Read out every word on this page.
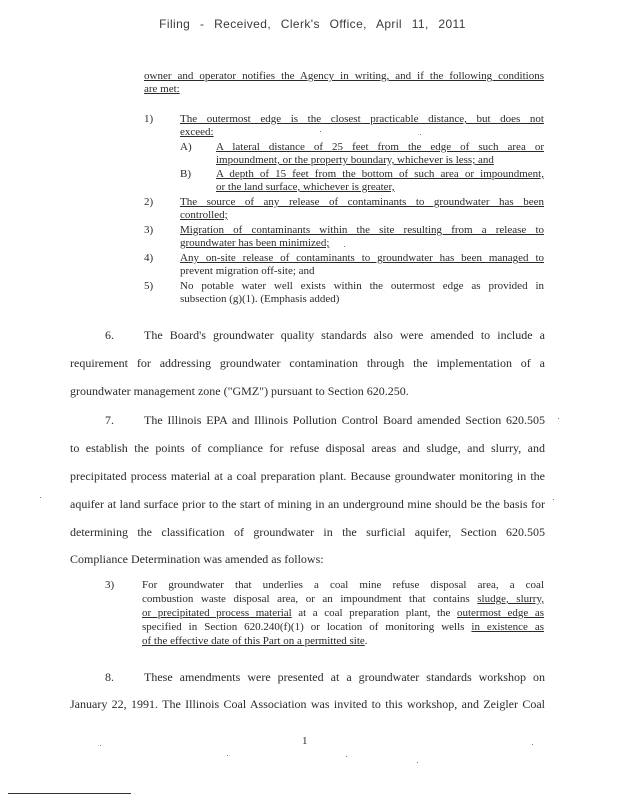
Filing - Received, Clerk's Office, April 11, 2011
owner and operator notifies the Agency in writing, and if the following conditions
are met:
1) The outermost edge is the closest practicable distance, but does not
exceed:
A) A lateral distance of 25 feet from the edge of such area or
impoundment, or the property boundary, whichever is less; and
B) A depth of 15 feet from the bottom of such area or impoundment,
or the land surface, whichever is greater,
2) The source of any release of contaminants to groundwater has been
controlled;
3) Migration of contaminants within the site resulting from a release to
groundwater has been minimized;
4) Any on-site release of contaminants to groundwater has been managed to
prevent migration off-site; and
5) No potable water well exists within the outermost edge as provided in
subsection (g)(1). (Emphasis added)
6.	The Board's groundwater quality standards also were amended to include a
requirement for addressing groundwater contamination through the implementation of a
groundwater management zone ("GMZ") pursuant to Section 620.250.
7.	The Illinois EPA and Illinois Pollution Control Board amended Section 620.505
to establish the points of compliance for refuse disposal areas and sludge, and slurry, and
precipitated process material at a coal preparation plant. Because groundwater monitoring in the
aquifer at land surface prior to the start of mining in an underground mine should be the basis for
determining the classification of groundwater in the surficial aquifer, Section 620.505
Compliance Determination was amended as follows:
3)	For groundwater that underlies a coal mine refuse disposal area, a coal
combustion waste disposal area, or an impoundment that contains sludge, slurry,
or precipitated process material at a coal preparation plant, the outermost edge as
specified in Section 620.240(f)(1) or location of monitoring wells in existence as
of the effective date of this Part on a permitted site.
8.	These amendments were presented at a groundwater standards workshop on
January 22, 1991. The Illinois Coal Association was invited to this workshop, and Zeigler Coal
1
